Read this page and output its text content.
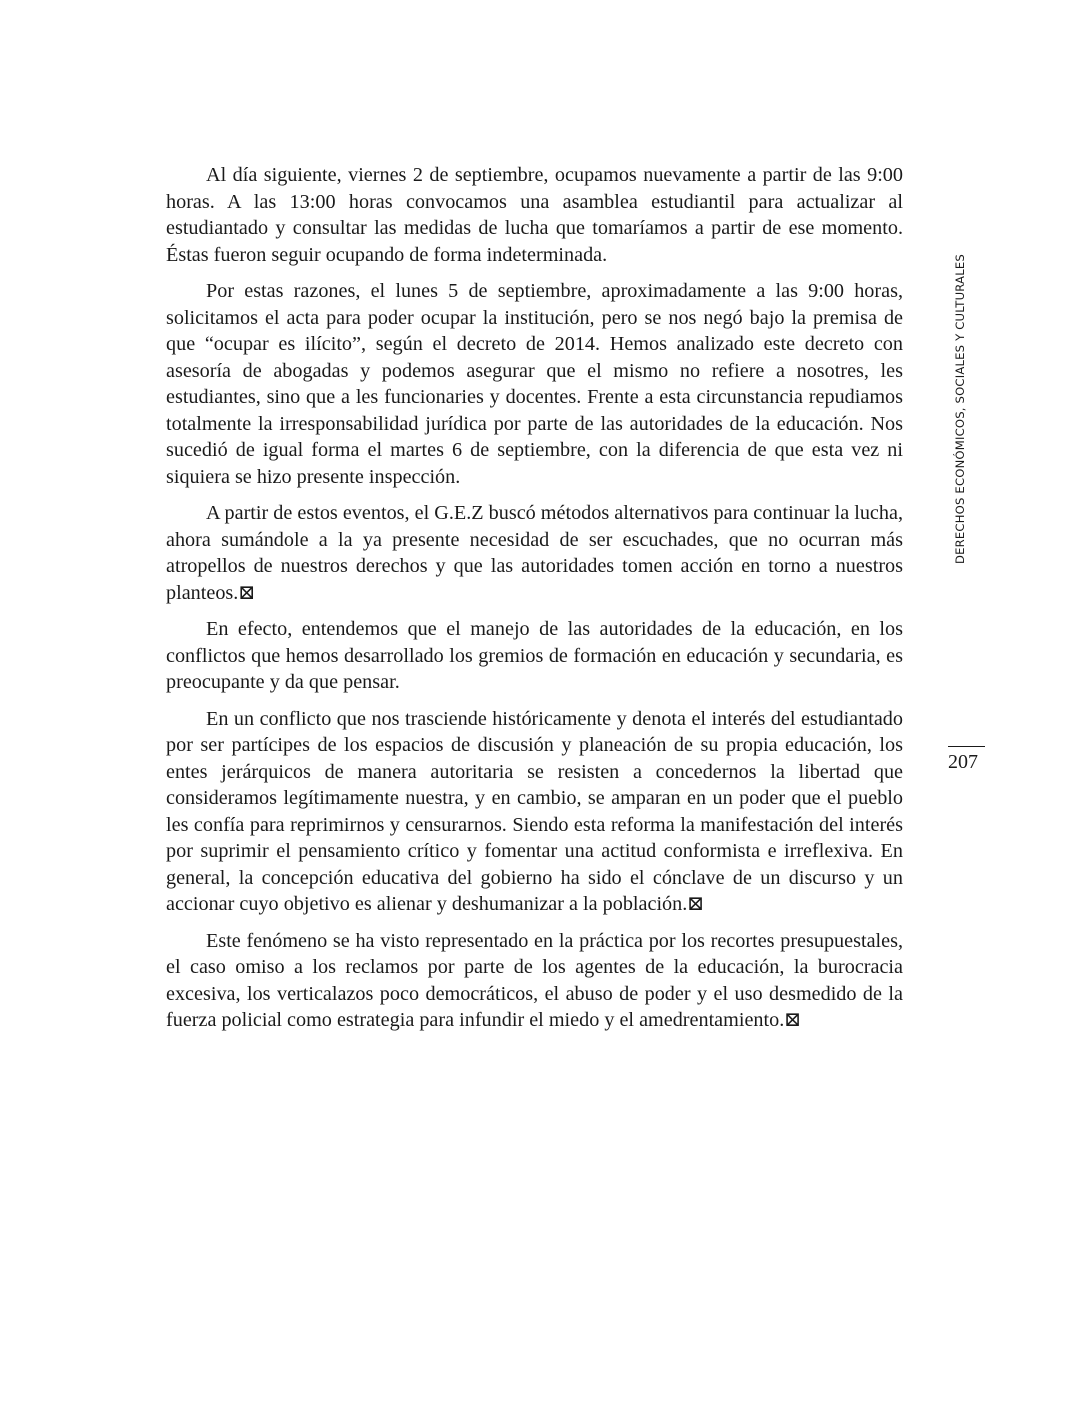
Al día siguiente, viernes 2 de septiembre, ocupamos nuevamente a partir de las 9:00 horas. A las 13:00 horas convocamos una asamblea estudiantil para actualizar al estudiantado y consultar las medidas de lucha que tomaríamos a partir de ese momento. Éstas fueron seguir ocupando de forma indeterminada.

Por estas razones, el lunes 5 de septiembre, aproximadamente a las 9:00 horas, solicitamos el acta para poder ocupar la institución, pero se nos negó bajo la premisa de que “ocupar es ilícito”, según el decreto de 2014. Hemos analizado este decreto con asesoría de abogadas y podemos asegurar que el mismo no refiere a nosotres, les estudiantes, sino que a les funcionaries y docentes. Frente a esta circunstancia repudiamos totalmente la irresponsabilidad jurídica por parte de las autoridades de la educación. Nos sucedió de igual forma el martes 6 de septiembre, con la diferencia de que esta vez ni siquiera se hizo presente inspección.

A partir de estos eventos, el G.E.Z buscó métodos alternativos para continuar la lucha, ahora sumándole a la ya presente necesidad de ser escuchades, que no ocurran más atropellos de nuestros derechos y que las autoridades tomen acción en torno a nuestros planteos.⊠

En efecto, entendemos que el manejo de las autoridades de la educación, en los conflictos que hemos desarrollado los gremios de formación en educación y secundaria, es preocupante y da que pensar.

En un conflicto que nos trasciende históricamente y denota el interés del estudiantado por ser partícipes de los espacios de discusión y planeación de su propia educación, los entes jerárquicos de manera autoritaria se resisten a concedernos la libertad que consideramos legítimamente nuestra, y en cambio, se amparan en un poder que el pueblo les confía para reprimirnos y censurarnos. Siendo esta reforma la manifestación del interés por suprimir el pensamiento crítico y fomentar una actitud conformista e irreflexiva. En general, la concepción educativa del gobierno ha sido el cónclave de un discurso y un accionar cuyo objetivo es alienar y deshumanizar a la población.⊠

Este fenómeno se ha visto representado en la práctica por los recortes presupuestales, el caso omiso a los reclamos por parte de los agentes de la educación, la burocracia excesiva, los verticalazos poco democráticos, el abuso de poder y el uso desmedido de la fuerza policial como estrategia para infundir el miedo y el amedrentamiento.⊠

DERECHOS ECONÓMICOS, SOCIALES Y CULTURALES
207
